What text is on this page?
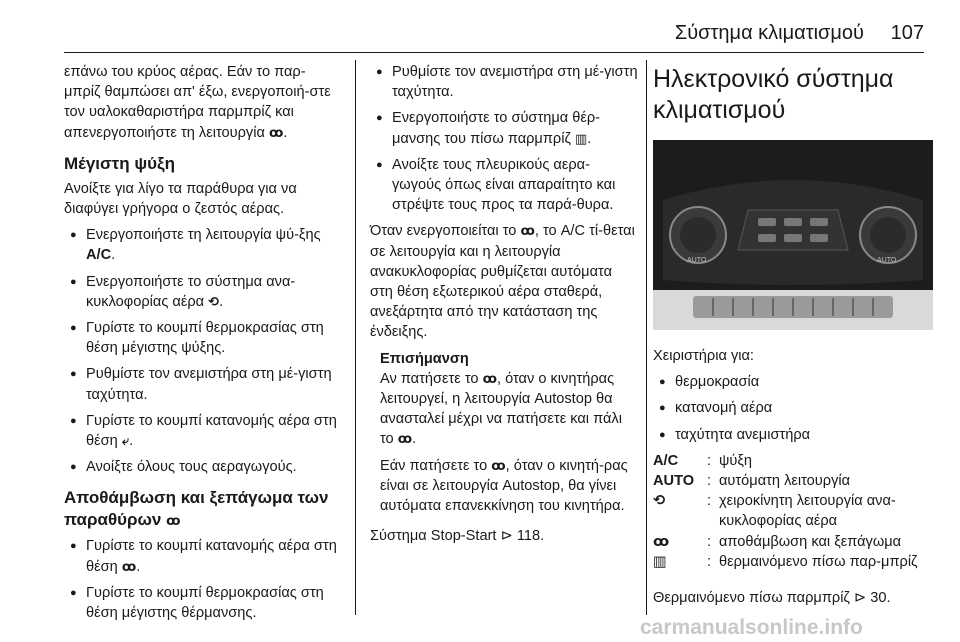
Σύστημα κλιματισμού 107

επάνω του κρύος αέρας. Εάν το παρ-μπρίζ θαμπώσει απ' έξω, ενεργοποιή-στε τον υαλοκαθαριστήρα παρμπρίζ και απενεργοποιήστε τη λειτουργία ꝏ.

Μέγιστη ψύξη

Ανοίξτε για λίγο τα παράθυρα για να διαφύγει γρήγορα ο ζεστός αέρας.

● Ενεργοποιήστε τη λειτουργία ψύ-ξης A/C.
● Ενεργοποιήστε το σύστημα ανα-κυκλοφορίας αέρα ⟲.
● Γυρίστε το κουμπί θερμοκρασίας στη θέση μέγιστης ψύξης.
● Ρυθμίστε τον ανεμιστήρα στη μέ-γιστη ταχύτητα.
● Γυρίστε το κουμπί κατανομής αέρα στη θέση ⤶.
● Ανοίξτε όλους τους αεραγωγούς.
Αποθάμβωση και ξεπάγωμα των παραθύρων ꝏ
● Γυρίστε το κουμπί κατανομής αέρα στη θέση ꝏ.
● Γυρίστε το κουμπί θερμοκρασίας στη θέση μέγιστης θέρμανσης.
● Ρυθμίστε τον ανεμιστήρα στη μέ-γιστη ταχύτητα.
● Ενεργοποιήστε το σύστημα θέρ-μανσης του πίσω παρμπρίζ ▥.
● Ανοίξτε τους πλευρικούς αερα-γωγούς όπως είναι απαραίτητο και στρέψτε τους προς τα παρά-θυρα.

Όταν ενεργοποιείται το ꝏ, το A/C τί-θεται σε λειτουργία και η λειτουργία ανακυκλοφορίας ρυθμίζεται αυτόματα στη θέση εξωτερικού αέρα σταθερά, ανεξάρτητα από την κατάσταση της ένδειξης.

Επισήμανση

Αν πατήσετε το ꝏ, όταν ο κινητήρας λειτουργεί, η λειτουργία Autostop θα ανασταλεί μέχρι να πατήσετε και πάλι το ꝏ.

Εάν πατήσετε το ꝏ, όταν ο κινητή-ρας είναι σε λειτουργία Autostop, θα γίνει αυτόματα επανεκκίνηση του κινητήρα.

Σύστημα Stop-Start ⊳ 118.

Ηλεκτρονικό σύστημα κλιματισμού
AUTO	AUTO

Χειριστήρια για:

● θερμοκρασία
● κατανομή αέρα
● ταχύτητα ανεμιστήρα
A/C	: ψύξη
AUTO : αυτόματη λειτουργία
⟲	: χειροκίνητη λειτουργία ανα-κυκλοφορίας αέρα
ꝏ	: αποθάμβωση και ξεπάγωμα
▥	: θερμαινόμενο πίσω παρ-μπρίζ

Θερμαινόμενο πίσω παρμπρίζ ⊳ 30.

carmanualsonline.info
